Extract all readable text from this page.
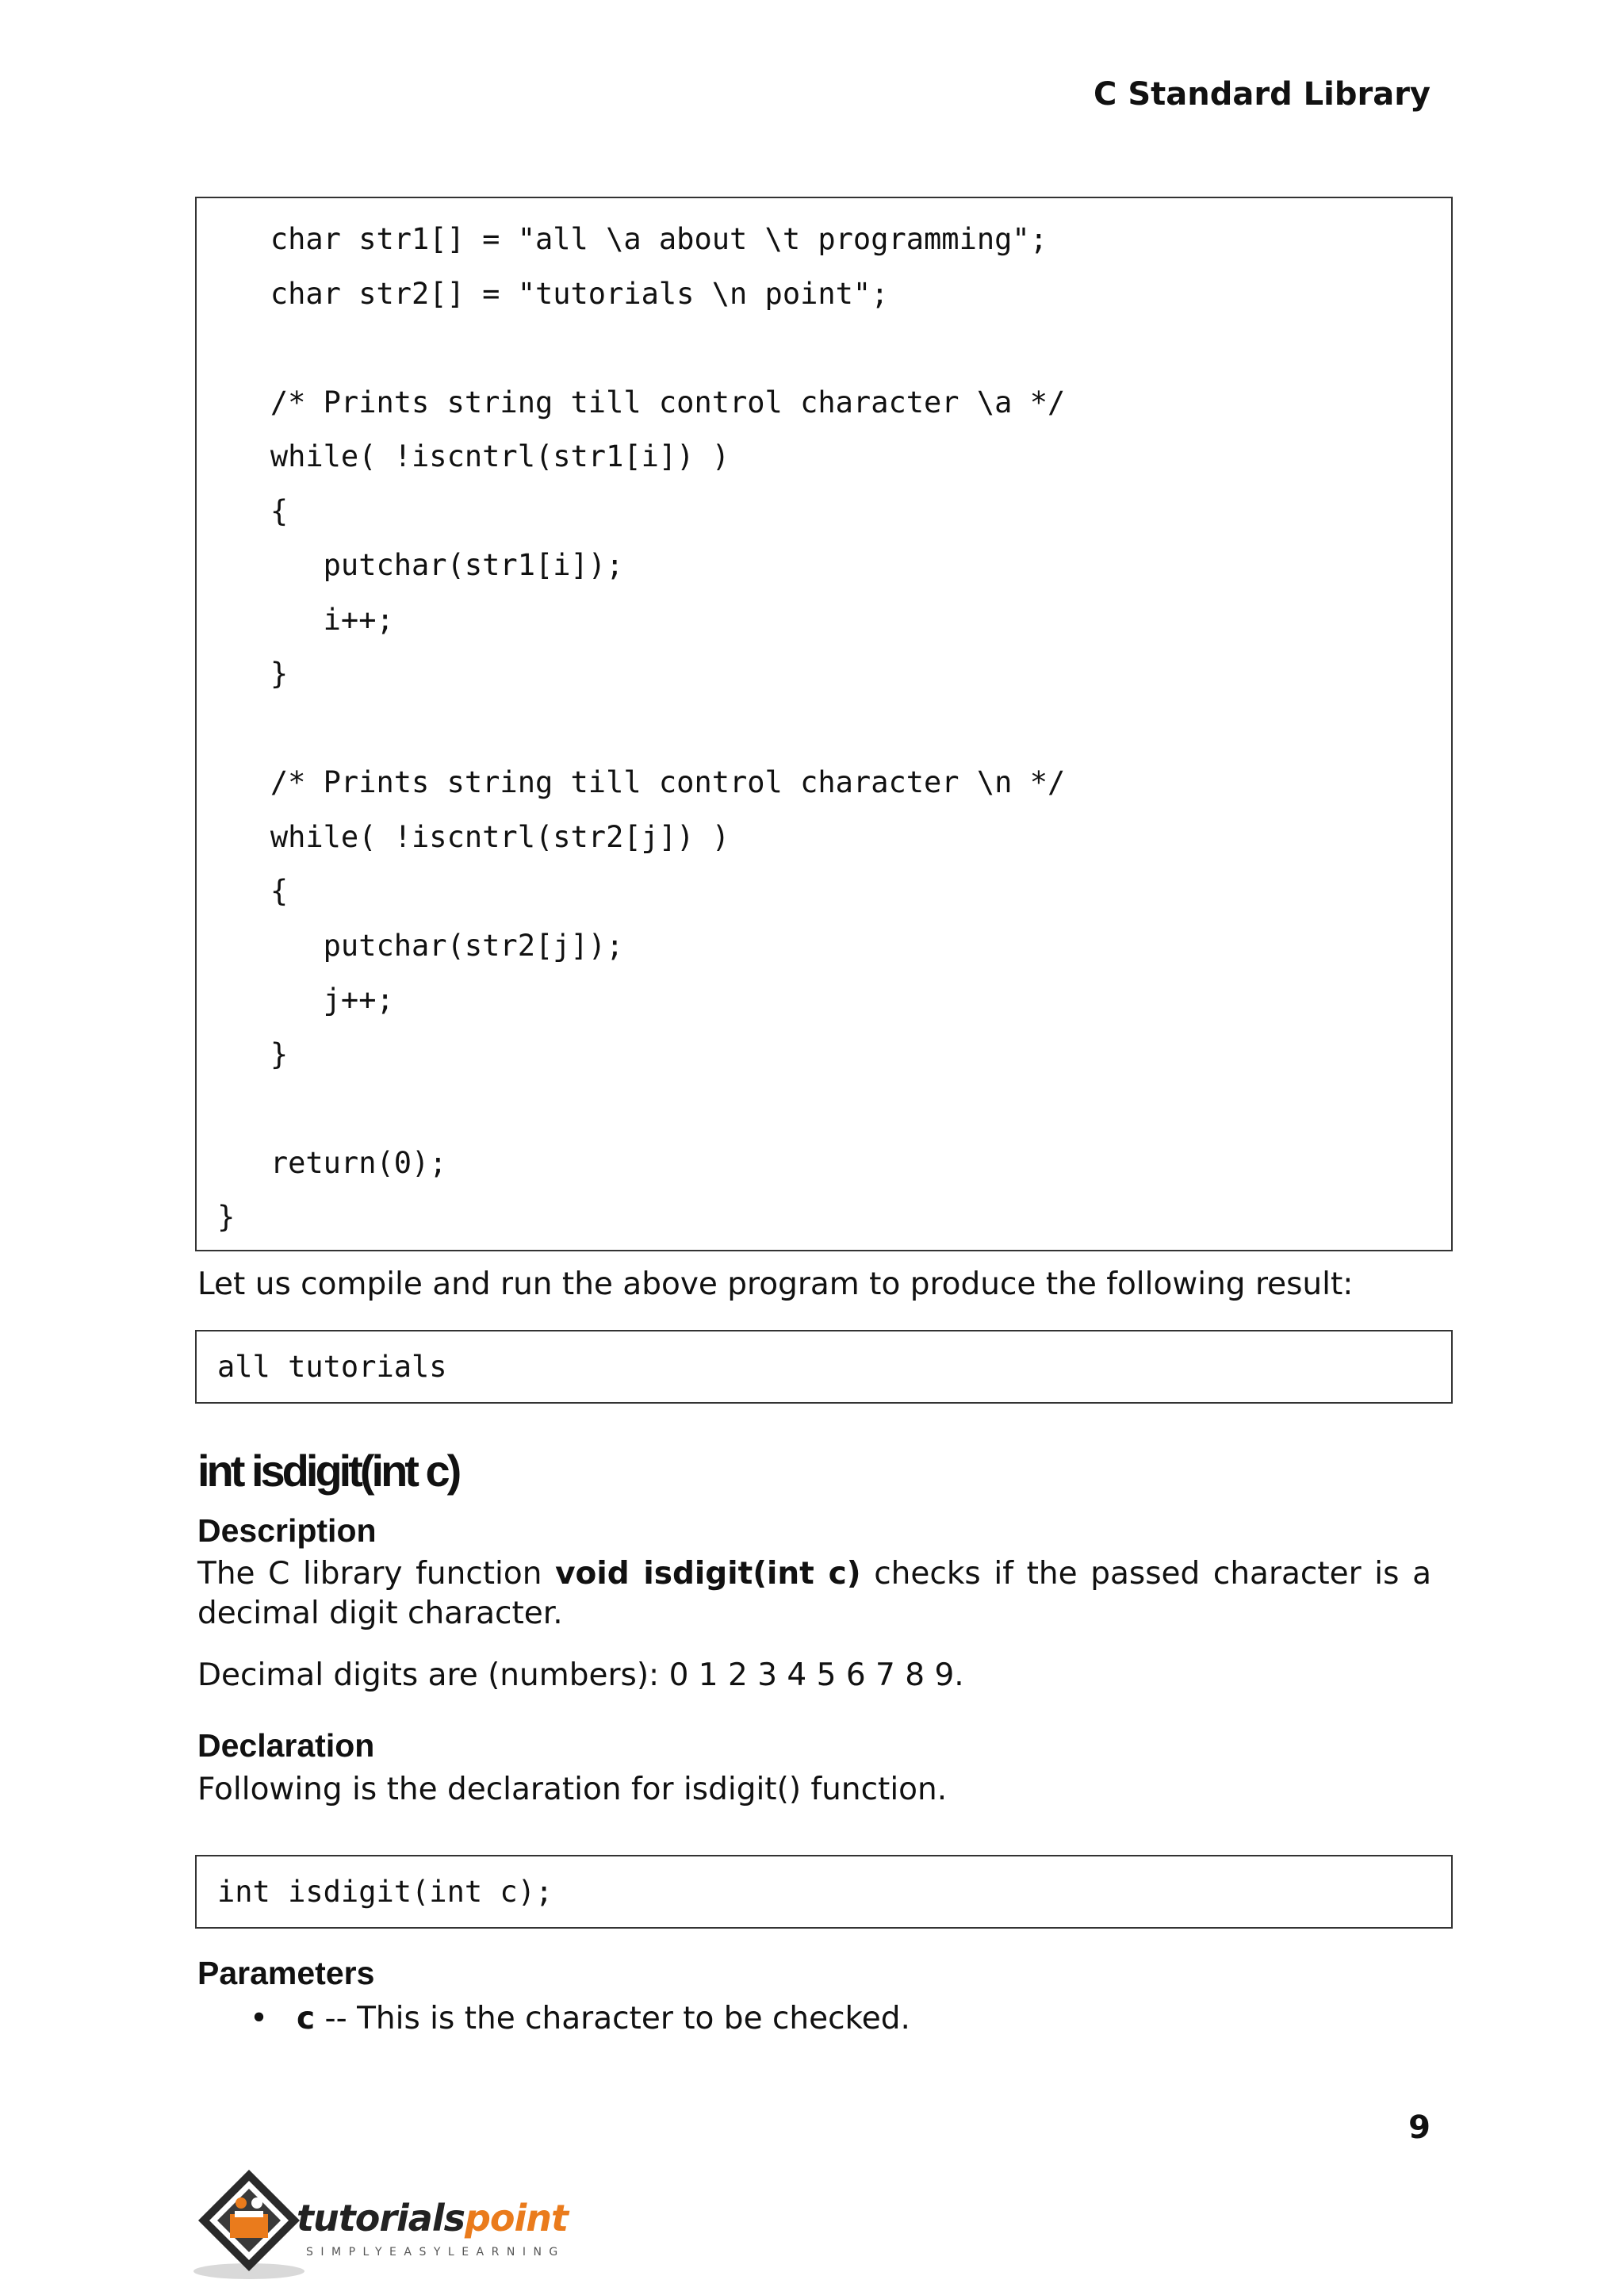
C Standard Library
char str1[] = "all \a about \t programming";
char str2[] = "tutorials \n point";

/* Prints string till control character \a */
while( !iscntrl(str1[i]) )
{
putchar(str1[i]);
i++;
}

/* Prints string till control character \n */
while( !iscntrl(str2[j]) )
{
putchar(str2[j]);
j++;
}

return(0);
}
Let us compile and run the above program to produce the following result:
all tutorials
int isdigit(int c)
Description
The C library function void isdigit(int c) checks if the passed character is a decimal digit character.
Decimal digits are (numbers): 0 1 2 3 4 5 6 7 8 9.
Declaration
Following is the declaration for isdigit() function.
int isdigit(int c);
Parameters
• c -- This is the character to be checked.
9
tutorialspoint
SIMPLYEASYLEARNING
